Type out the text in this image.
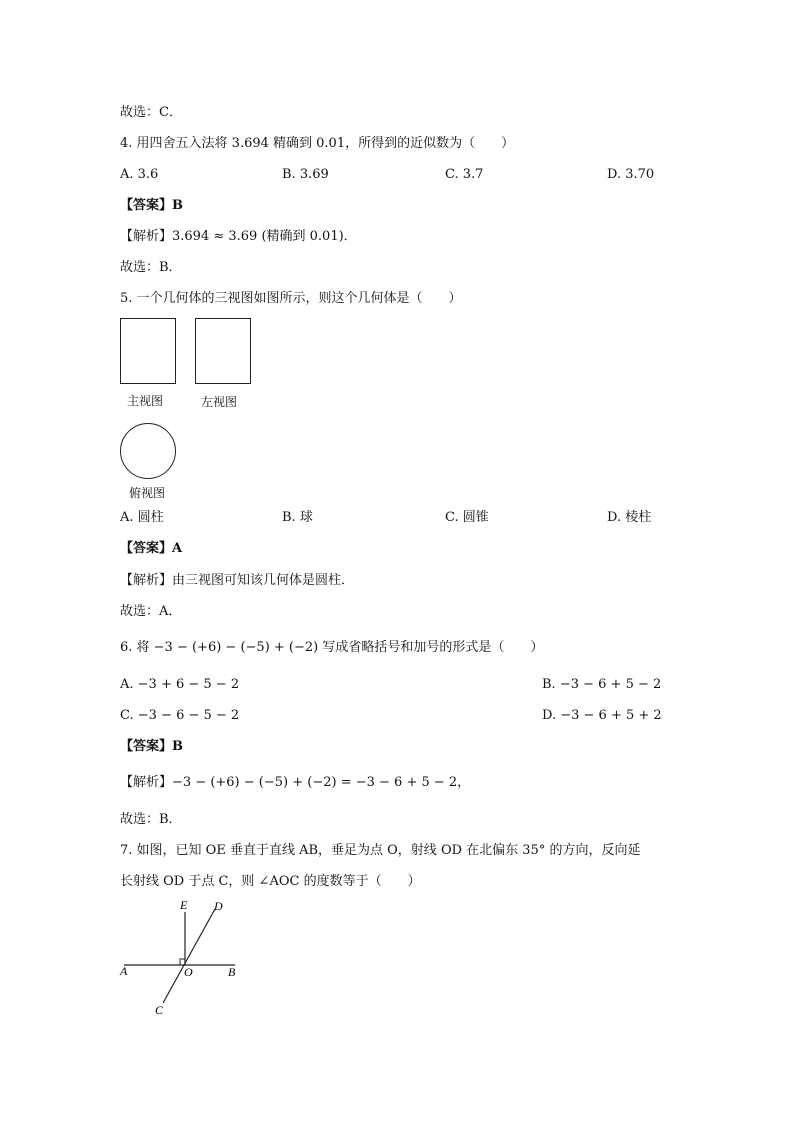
故选：C．
4. 用四舍五入法将 3.694 精确到 0.01，所得到的近似数为（　　）
A. 3.6	B. 3.69	C. 3.7	D. 3.70
【答案】B
【解析】3.694 ≈ 3.69 (精确到 0.01)．
故选：B．
5. 一个几何体的三视图如图所示，则这个几何体是（　　）
主视图	左视图
俯视图
A. 圆柱	B. 球	C. 圆锥	D. 棱柱
【答案】A
【解析】由三视图可知该几何体是圆柱．
故选：A．
6. 将 −3 − (+6) − (−5) + (−2) 写成省略括号和加号的形式是（　　）
A. −3 + 6 − 5 − 2	B. −3 − 6 + 5 − 2
C. −3 − 6 − 5 − 2	D. −3 − 6 + 5 + 2
【答案】B
【解析】−3 − (+6) − (−5) + (−2) = −3 − 6 + 5 − 2，
故选：B．
7. 如图，已知 OE 垂直于直线 AB，垂足为点 O，射线 OD 在北偏东 35° 的方向，反向延
长射线 OD 于点 C，则 ∠AOC 的度数等于（　　）
E D
A	O	B
C
